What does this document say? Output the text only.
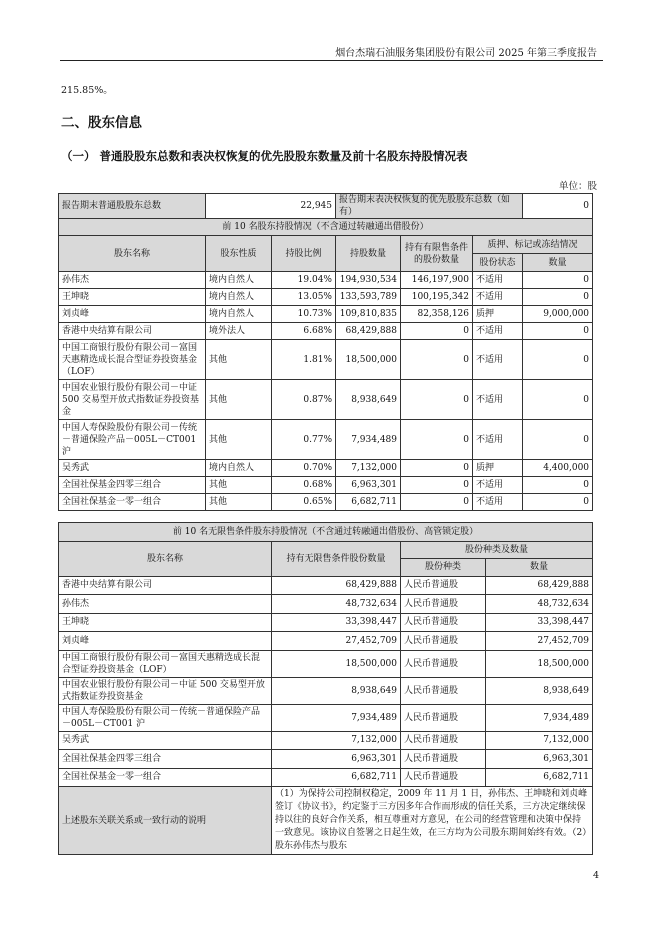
烟台杰瑞石油服务集团股份有限公司 2025 年第三季度报告
215.85%。
二、股东信息
（一） 普通股股东总数和表决权恢复的优先股股东数量及前十名股东持股情况表
单位：股
报告期末普通股股东总数	22,945		报告期末表决权恢复的优先股股东总数（如有）			0
前 10 名股东持股情况（不含通过转融通出借股份）						
股东名称	股东性质	持股比例	持股数量	持有有限售条件的股份数量	质押、标记或冻结情况	
					股份状态	数量
孙伟杰	境内自然人	19.04%	194,930,534	146,197,900	不适用	0
王坤晓	境内自然人	13.05%	133,593,789	100,195,342	不适用	0
刘贞峰	境内自然人	10.73%	109,810,835	82,358,126	质押	9,000,000
香港中央结算有限公司	境外法人	6.68%	68,429,888	0	不适用	0
中国工商银行股份有限公司－富国天惠精选成长混合型证券投资基金（LOF）	其他	1.81%	18,500,000	0	不适用	0
中国农业银行股份有限公司－中证 500 交易型开放式指数证券投资基金	其他	0.87%	8,938,649	0	不适用	0
中国人寿保险股份有限公司－传统－普通保险产品－005L－CT001 沪	其他	0.77%	7,934,489	0	不适用	0
吴秀武	境内自然人	0.70%	7,132,000	0	质押	4,400,000
全国社保基金四零三组合	其他	0.68%	6,963,301	0	不适用	0
全国社保基金一零一组合	其他	0.65%	6,682,711	0	不适用	0
前 10 名无限售条件股东持股情况（不含通过转融通出借股份、高管锁定股）			
股东名称	持有无限售条件股份数量	股份种类及数量	
		股份种类	数量
香港中央结算有限公司	68,429,888	人民币普通股	68,429,888
孙伟杰	48,732,634	人民币普通股	48,732,634
王坤晓	33,398,447	人民币普通股	33,398,447
刘贞峰	27,452,709	人民币普通股	27,452,709
中国工商银行股份有限公司－富国天惠精选成长混合型证券投资基金（LOF）	18,500,000	人民币普通股	18,500,000
中国农业银行股份有限公司－中证 500 交易型开放式指数证券投资基金	8,938,649	人民币普通股	8,938,649
中国人寿保险股份有限公司－传统－普通保险产品－005L－CT001 沪	7,934,489	人民币普通股	7,934,489
吴秀武	7,132,000	人民币普通股	7,132,000
全国社保基金四零三组合	6,963,301	人民币普通股	6,963,301
全国社保基金一零一组合	6,682,711	人民币普通股	6,682,711
上述股东关联关系或一致行动的说明	（1）为保持公司控制权稳定，2009 年 11 月 1 日，孙伟杰、王坤晓和刘贞峰签订《协议书》，约定鉴于三方因多年合作而形成的信任关系，三方决定继续保持以往的良好合作关系，相互尊重对方意见，在公司的经营管理和决策中保持一致意见。该协议自签署之日起生效，在三方均为公司股东期间始终有效。（2）股东孙伟杰与股东		
4
